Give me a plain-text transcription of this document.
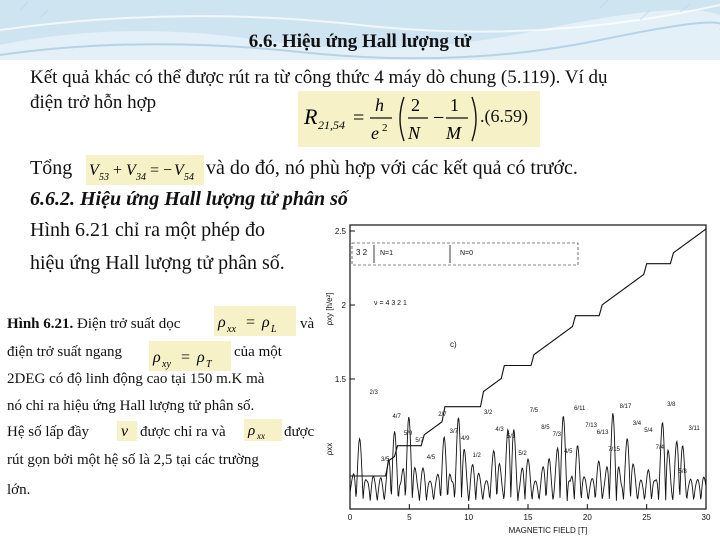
6.6. Hiệu ứng Hall lượng tử
Kết quả khác có thể được rút ra từ công thức 4 máy dò chung (5.119). Ví dụ
điện trở hỗn hợp
R 21,54 =
h
e 2
2
N
−
1
M
.(6.59)
Tổng V 53 + V 34 = − V 54 và do đó, nó phù hợp với các kết quả có trước.
6.6.2. Hiệu ứng Hall lượng tử phân số
Hình 6.21 chỉ ra một phép đo
hiệu ứng Hall lượng tử phân số.
Hình 6.21. Điện trở suất dọc ρ xx = ρ L và
điện trở suất ngang ρ xy = ρ T
của một
2DEG có độ linh động cao tại 150 m.K mà
nó chỉ ra hiệu ứng Hall lượng tử phân số.
Hệ số lấp đầy ν được chỉ ra và ρ xx được
rút gọn bởi một hệ số là 2,5 tại các trường
lớn.
0	5	10	15	20	25	30
MAGNETIC FIELD [T]
1.5
2
2.5
ρxy [h/e²]
ρxx
3 2 N=1	N=0
ν = 4 3 2 1
c)
2/3
3/5
4/7
5/9
5/7
4/5
2/7
3/7
4/9
1/2
3/2
4/3
5/3
5/2
7/5
8/5
7/3
4/5
6/11
7/13
6/13
7/15
8/17
3/4
5/4
7/4
3/8
5/8
3/11
